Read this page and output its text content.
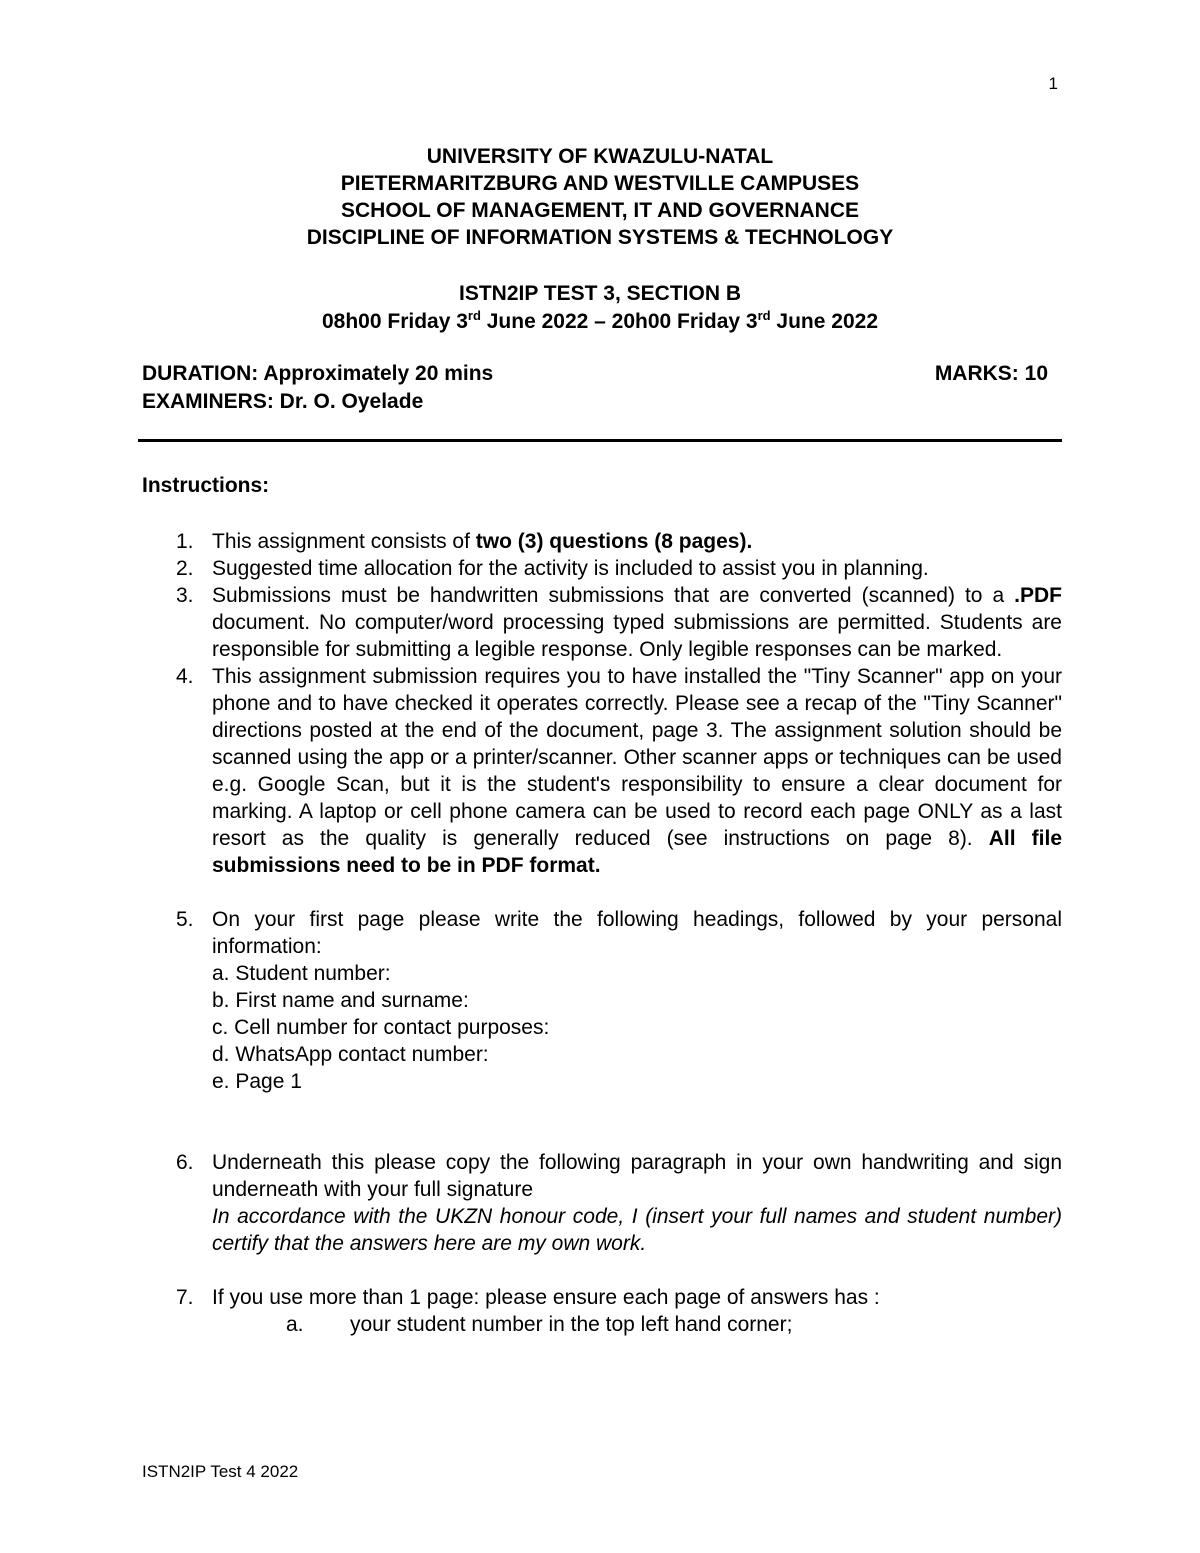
1
UNIVERSITY OF KWAZULU-NATAL
PIETERMARITZBURG AND WESTVILLE CAMPUSES
SCHOOL OF MANAGEMENT, IT AND GOVERNANCE
DISCIPLINE OF INFORMATION SYSTEMS & TECHNOLOGY
ISTN2IP TEST 3, SECTION B
08h00 Friday 3rd June 2022 – 20h00 Friday 3rd June 2022
DURATION: Approximately 20 mins	MARKS: 10
EXAMINERS: Dr. O. Oyelade
Instructions:
1. This assignment consists of two (3) questions (8 pages).
2. Suggested time allocation for the activity is included to assist you in planning.
3. Submissions must be handwritten submissions that are converted (scanned) to a .PDF document. No computer/word processing typed submissions are permitted. Students are responsible for submitting a legible response. Only legible responses can be marked.
4. This assignment submission requires you to have installed the "Tiny Scanner" app on your phone and to have checked it operates correctly. Please see a recap of the "Tiny Scanner" directions posted at the end of the document, page 3. The assignment solution should be scanned using the app or a printer/scanner. Other scanner apps or techniques can be used e.g. Google Scan, but it is the student's responsibility to ensure a clear document for marking. A laptop or cell phone camera can be used to record each page ONLY as a last resort as the quality is generally reduced (see instructions on page 8). All file submissions need to be in PDF format.
5. On your first page please write the following headings, followed by your personal information:
a. Student number:
b. First name and surname:
c. Cell number for contact purposes:
d. WhatsApp contact number:
e. Page 1
6. Underneath this please copy the following paragraph in your own handwriting and sign underneath with your full signature
In accordance with the UKZN honour code, I (insert your full names and student number) certify that the answers here are my own work.
7. If you use more than 1 page: please ensure each page of answers has :
a.	your student number in the top left hand corner;
ISTN2IP Test 4 2022
